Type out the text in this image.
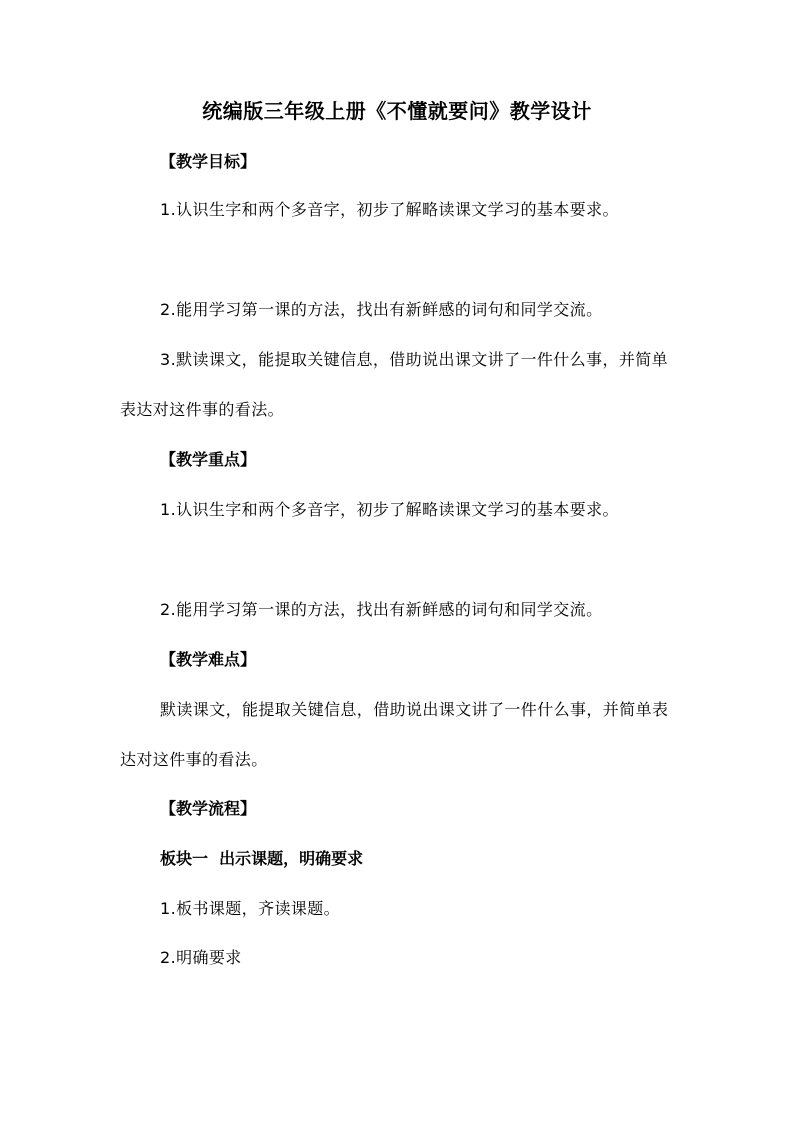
统编版三年级上册《不懂就要问》教学设计
【教学目标】
1.认识生字和两个多音字，初步了解略读课文学习的基本要求。
2.能用学习第一课的方法，找出有新鲜感的词句和同学交流。
3.默读课文，能提取关键信息，借助说出课文讲了一件什么事，并简单表达对这件事的看法。
【教学重点】
1.认识生字和两个多音字，初步了解略读课文学习的基本要求。
2.能用学习第一课的方法，找出有新鲜感的词句和同学交流。
【教学难点】
默读课文，能提取关键信息，借助说出课文讲了一件什么事，并简单表达对这件事的看法。
【教学流程】
板块一  出示课题，明确要求
1.板书课题，齐读课题。
2.明确要求
